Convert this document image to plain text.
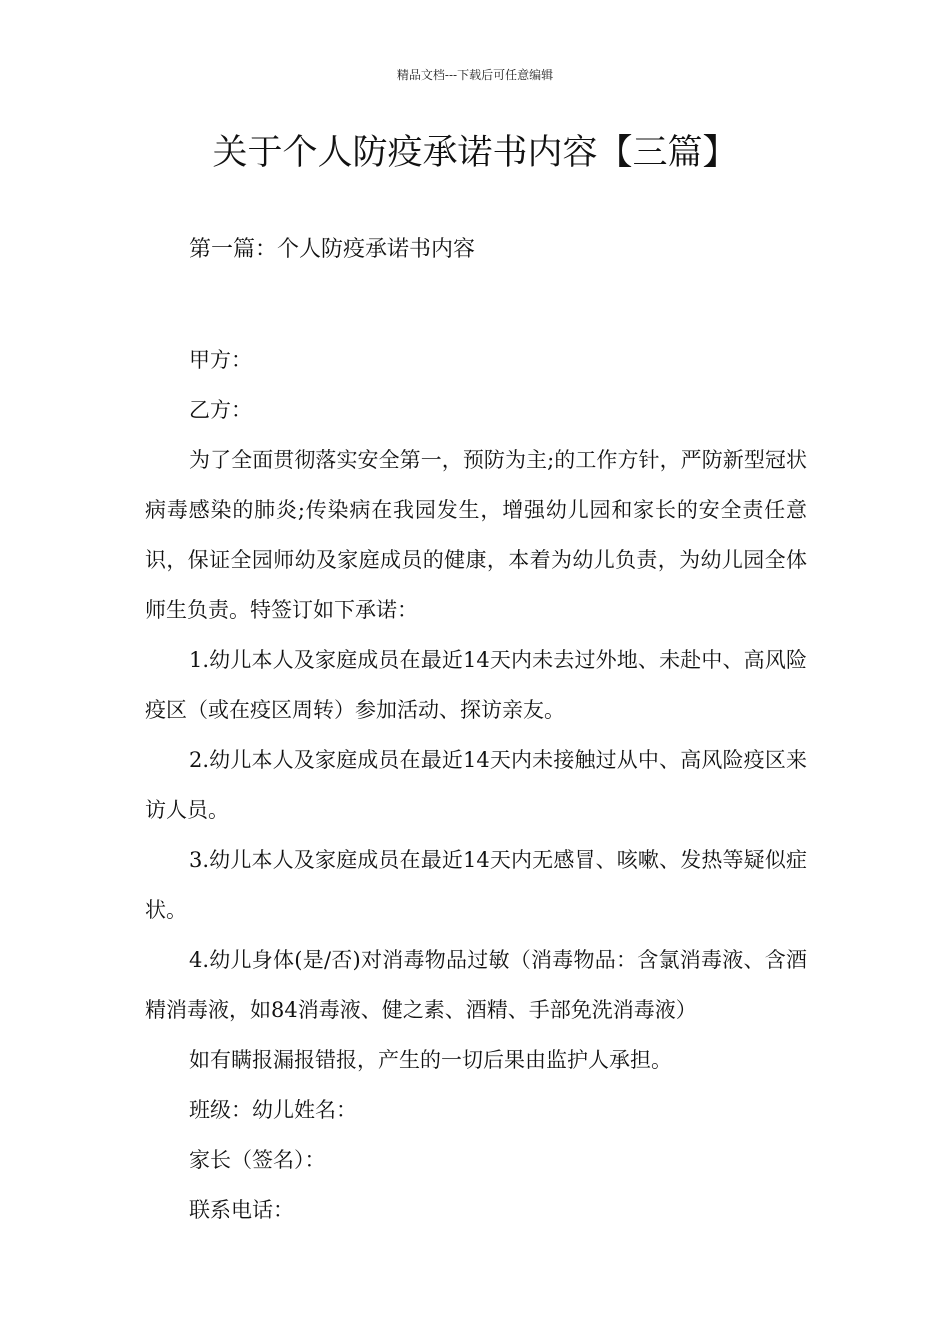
精品文档---下载后可任意编辑
关于个人防疫承诺书内容【三篇】
第一篇：个人防疫承诺书内容

甲方：

乙方：

为了全面贯彻落实安全第一，预防为主;的工作方针，严防新型冠状病毒感染的肺炎;传染病在我园发生，增强幼儿园和家长的安全责任意识，保证全园师幼及家庭成员的健康，本着为幼儿负责，为幼儿园全体师生负责。特签订如下承诺：

1.幼儿本人及家庭成员在最近14天内未去过外地、未赴中、高风险疫区（或在疫区周转）参加活动、探访亲友。

2.幼儿本人及家庭成员在最近14天内未接触过从中、高风险疫区来访人员。

3.幼儿本人及家庭成员在最近14天内无感冒、咳嗽、发热等疑似症状。

4.幼儿身体(是/否)对消毒物品过敏（消毒物品：含氯消毒液、含酒精消毒液，如84消毒液、健之素、酒精、手部免洗消毒液）

如有瞒报漏报错报，产生的一切后果由监护人承担。

班级：幼儿姓名：

家长（签名）：

联系电话：
